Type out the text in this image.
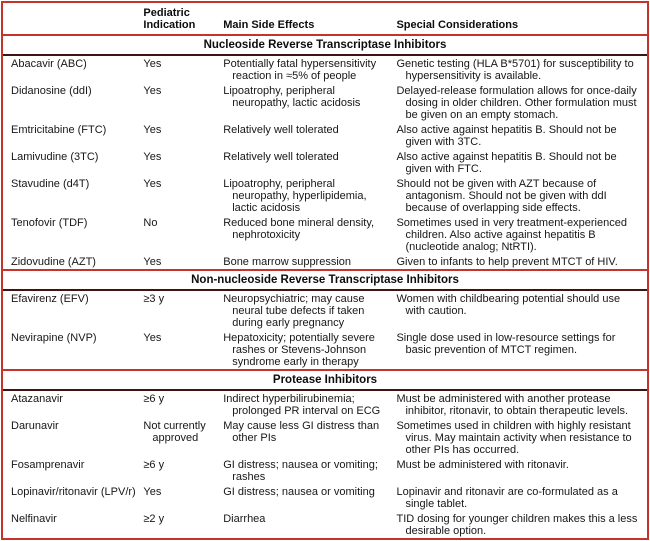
	Pediatric Indication	Main Side Effects	Special Considerations
Nucleoside Reverse Transcriptase Inhibitors			
Abacavir (ABC)	Yes	Potentially fatal hypersensitivity reaction in ≈5% of people	Genetic testing (HLA B*5701) for susceptibility to hypersensitivity is available.
Didanosine (ddI)	Yes	Lipoatrophy, peripheral neuropathy, lactic acidosis	Delayed-release formulation allows for once-daily dosing in older children. Other formulation must be given on an empty stomach.
Emtricitabine (FTC)	Yes	Relatively well tolerated	Also active against hepatitis B. Should not be given with 3TC.
Lamivudine (3TC)	Yes	Relatively well tolerated	Also active against hepatitis B. Should not be given with FTC.
Stavudine (d4T)	Yes	Lipoatrophy, peripheral neuropathy, hyperlipidemia, lactic acidosis	Should not be given with AZT because of antagonism. Should not be given with ddI because of overlapping side effects.
Tenofovir (TDF)	No	Reduced bone mineral density, nephrotoxicity	Sometimes used in very treatment-experienced children. Also active against hepatitis B (nucleotide analog; NtRTI).
Zidovudine (AZT)	Yes	Bone marrow suppression	Given to infants to help prevent MTCT of HIV.
Non-nucleoside Reverse Transcriptase Inhibitors			
Efavirenz (EFV)	≥3 y	Neuropsychiatric; may cause neural tube defects if taken during early pregnancy	Women with childbearing potential should use with caution.
Nevirapine (NVP)	Yes	Hepatoxicity; potentially severe rashes or Stevens-Johnson syndrome early in therapy	Single dose used in low-resource settings for basic prevention of MTCT regimen.
Protease Inhibitors			
Atazanavir	≥6 y	Indirect hyperbilirubinemia; prolonged PR interval on ECG	Must be administered with another protease inhibitor, ritonavir, to obtain therapeutic levels.
Darunavir	Not currently approved	May cause less GI distress than other PIs	Sometimes used in children with highly resistant virus. May maintain activity when resistance to other PIs has occurred.
Fosamprenavir	≥6 y	GI distress; nausea or vomiting; rashes	Must be administered with ritonavir.
Lopinavir/ritonavir (LPV/r)	Yes	GI distress; nausea or vomiting	Lopinavir and ritonavir are co-formulated as a single tablet.
Nelfinavir	≥2 y	Diarrhea	TID dosing for younger children makes this a less desirable option.
